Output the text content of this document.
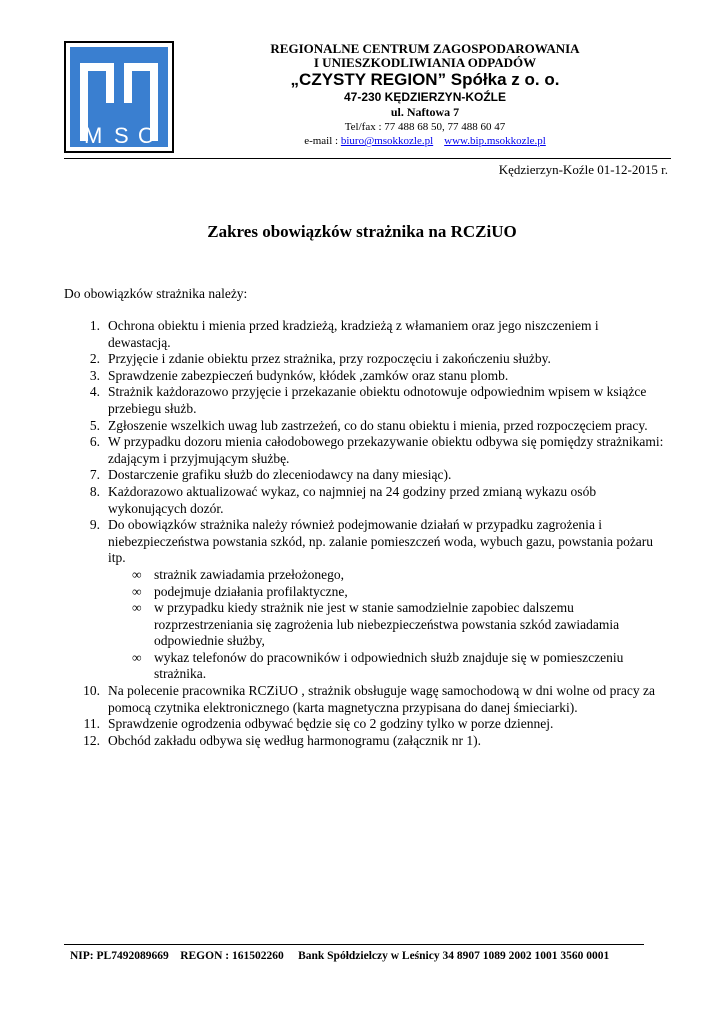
M S O
REGIONALNE CENTRUM ZAGOSPODAROWANIA
I UNIESZKODLIWIANIA ODPADÓW
„CZYSTY REGION” Spółka z o. o.
47-230 KĘDZIERZYN-KOŹLE
ul. Naftowa 7
Tel/fax : 77 488 68 50, 77 488 60 47
e-mail : biuro@msokkozle.pl www.bip.msokkozle.pl
Kędzierzyn-Koźle 01-12-2015 r.
Zakres obowiązków strażnika na RCZiUO
Do obowiązków strażnika należy:
1. Ochrona obiektu i mienia przed kradzieżą, kradzieżą z włamaniem oraz jego niszczeniem i dewastacją.
2. Przyjęcie i zdanie obiektu przez strażnika, przy rozpoczęciu i zakończeniu służby.
3. Sprawdzenie zabezpieczeń budynków, kłódek ,zamków oraz stanu plomb.
4. Strażnik każdorazowo przyjęcie i przekazanie obiektu odnotowuje odpowiednim wpisem w książce przebiegu służb.
5. Zgłoszenie wszelkich uwag lub zastrzeżeń, co do stanu obiektu i mienia, przed rozpoczęciem pracy.
6. W przypadku dozoru mienia całodobowego przekazywanie obiektu odbywa się pomiędzy strażnikami: zdającym i przyjmującym służbę.
7. Dostarczenie grafiku służb do zleceniodawcy na dany miesiąc).
8. Każdorazowo aktualizować wykaz, co najmniej na 24 godziny przed zmianą wykazu osób wykonujących dozór.
9. Do obowiązków strażnika należy również podejmowanie działań w przypadku zagrożenia i niebezpieczeństwa powstania szkód, np. zalanie pomieszczeń woda, wybuch gazu, powstania pożaru itp.
∞ strażnik zawiadamia przełożonego,
∞ podejmuje działania profilaktyczne,
∞ w przypadku kiedy strażnik nie jest w stanie samodzielnie zapobiec dalszemu rozprzestrzeniania się zagrożenia lub niebezpieczeństwa powstania szkód zawiadamia odpowiednie służby,
∞ wykaz telefonów do pracowników i odpowiednich służb znajduje się w pomieszczeniu strażnika.
10. Na polecenie pracownika RCZiUO , strażnik obsługuje wagę samochodową w dni wolne od pracy za pomocą czytnika elektronicznego (karta magnetyczna przypisana do danej śmieciarki).
11. Sprawdzenie ogrodzenia odbywać będzie się co 2 godziny tylko w porze dziennej.
12. Obchód zakładu odbywa się według harmonogramu (załącznik nr 1).
NIP: PL7492089669    REGON : 161502260     Bank Spółdzielczy w Leśnicy 34 8907 1089 2002 1001 3560 0001
